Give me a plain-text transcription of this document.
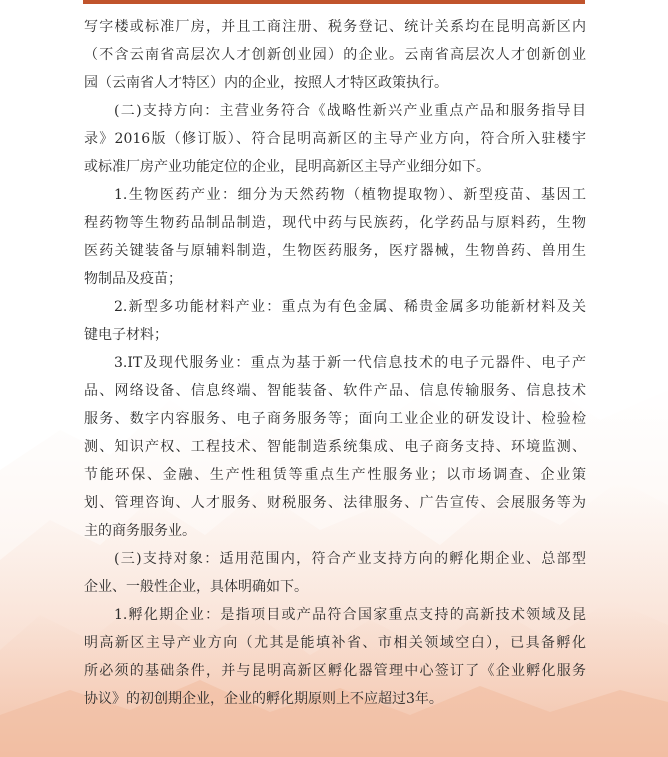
写字楼或标准厂房，并且工商注册、税务登记、统计关系均在昆明高新区内
（不含云南省高层次人才创新创业园）的企业。云南省高层次人才创新创业
园（云南省人才特区）内的企业，按照人才特区政策执行。
(二)支持方向：主营业务符合《战略性新兴产业重点产品和服务指导目
录》2016版（修订版）、符合昆明高新区的主导产业方向，符合所入驻楼宇
或标准厂房产业功能定位的企业，昆明高新区主导产业细分如下。
1.生物医药产业：细分为天然药物（植物提取物）、新型疫苗、基因工
程药物等生物药品制品制造，现代中药与民族药，化学药品与原料药，生物
医药关键装备与原辅料制造，生物医药服务，医疗器械，生物兽药、兽用生
物制品及疫苗；
2.新型多功能材料产业：重点为有色金属、稀贵金属多功能新材料及关
键电子材料；
3.IT及现代服务业：重点为基于新一代信息技术的电子元器件、电子产
品、网络设备、信息终端、智能装备、软件产品、信息传输服务、信息技术
服务、数字内容服务、电子商务服务等；面向工业企业的研发设计、检验检
测、知识产权、工程技术、智能制造系统集成、电子商务支持、环境监测、
节能环保、金融、生产性租赁等重点生产性服务业；以市场调查、企业策
划、管理咨询、人才服务、财税服务、法律服务、广告宣传、会展服务等为
主的商务服务业。
(三)支持对象：适用范围内，符合产业支持方向的孵化期企业、总部型
企业、一般性企业，具体明确如下。
1.孵化期企业：是指项目或产品符合国家重点支持的高新技术领域及昆
明高新区主导产业方向（尤其是能填补省、市相关领域空白），已具备孵化
所必须的基础条件，并与昆明高新区孵化器管理中心签订了《企业孵化服务
协议》的初创期企业，企业的孵化期原则上不应超过3年。
